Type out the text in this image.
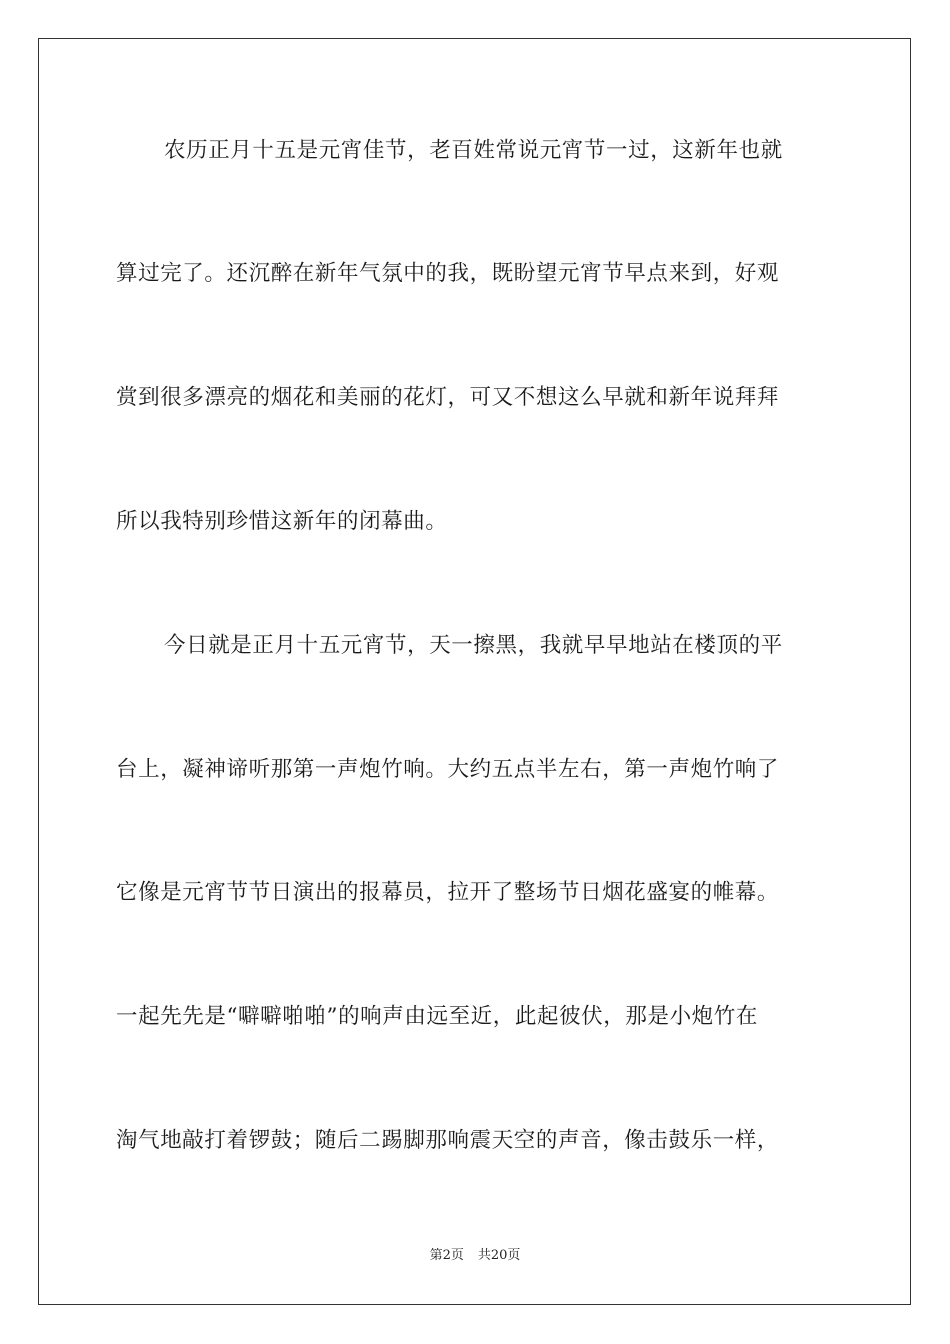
农历正月十五是元宵佳节，老百姓常说元宵节一过，这新年也就
算过完了。还沉醉在新年气氛中的我，既盼望元宵节早点来到，好观
赏到很多漂亮的烟花和美丽的花灯，可又不想这么早就和新年说拜拜
所以我特别珍惜这新年的闭幕曲。
今日就是正月十五元宵节，天一擦黑，我就早早地站在楼顶的平
台上，凝神谛听那第一声炮竹响。大约五点半左右，第一声炮竹响了
它像是元宵节节日演出的报幕员，拉开了整场节日烟花盛宴的帷幕。
一起先先是“噼噼啪啪”的响声由远至近，此起彼伏，那是小炮竹在
淘气地敲打着锣鼓；随后二踢脚那响震天空的声音，像击鼓乐一样，
第2页 共20页
